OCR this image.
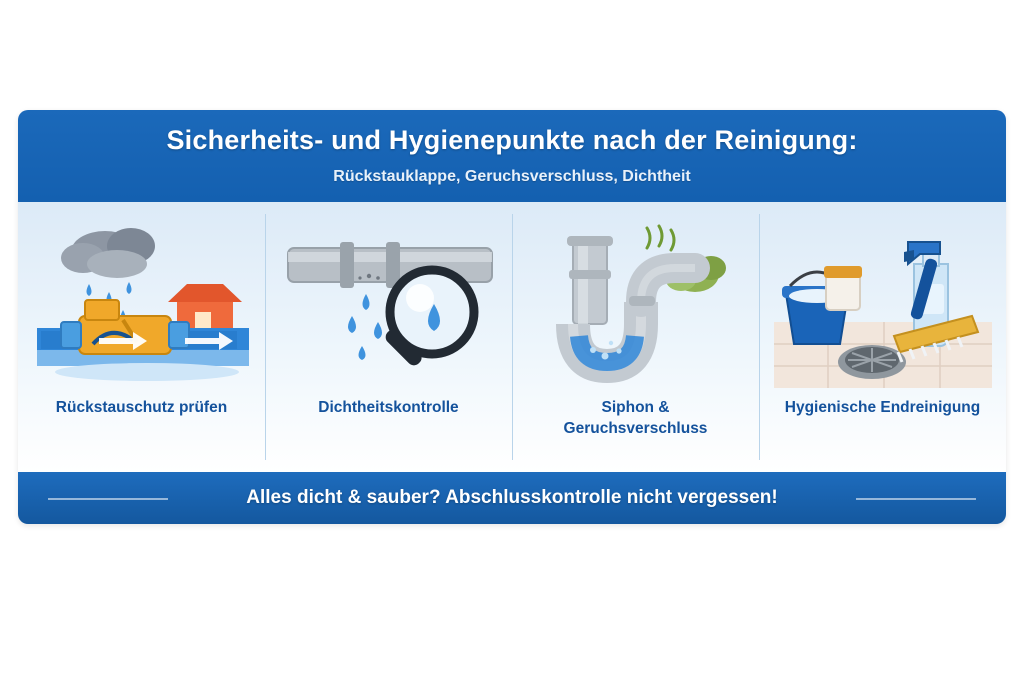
Sicherheits- und Hygienepunkte nach der Reinigung:
Rückstauklappe, Geruchsverschluss, Dichtheit
Rückstauschutz prüfen	Dichtheitskontrolle	Siphon & Geruchsverschluss
Hygienische Endreinigung
Alles dicht & sauber? Abschlusskontrolle nicht vergessen!
